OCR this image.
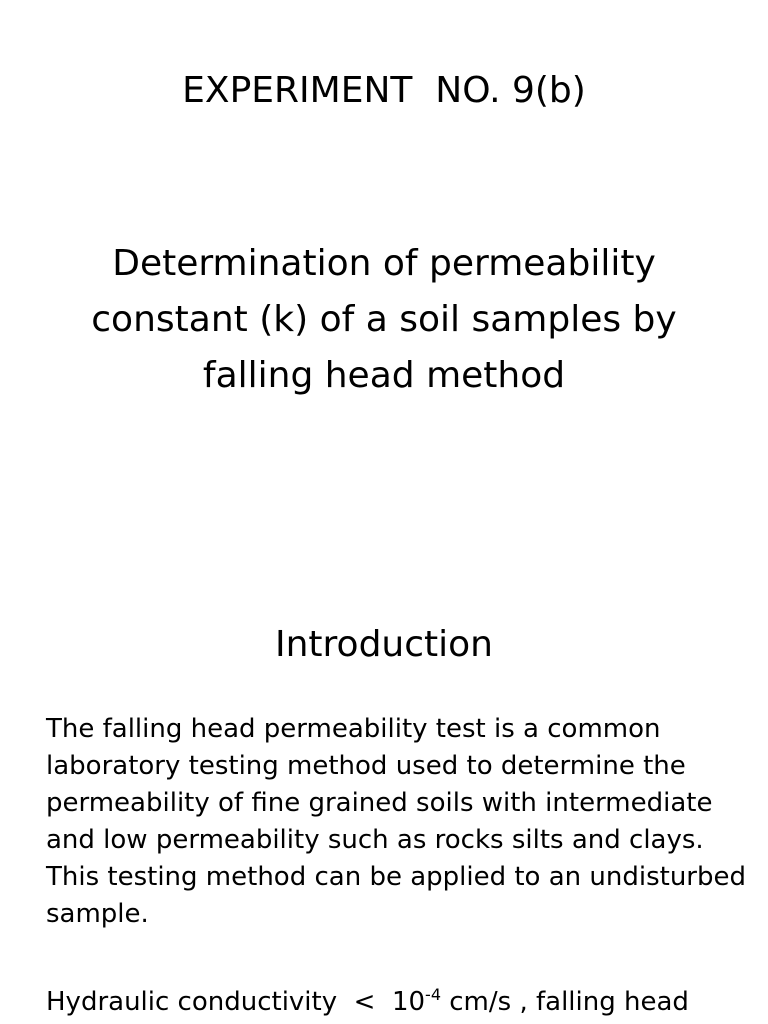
EXPERIMENT  NO. 9(b)

Determination of permeability constant (k) of a soil samples by falling head method

Introduction

The falling head permeability test is a common laboratory testing method used to determine the permeability of fine grained soils with intermediate and low permeability such as rocks silts and clays. This testing method can be applied to an undisturbed sample.

Hydraulic conductivity  <  $10^{-4}$ cm/s , falling head
